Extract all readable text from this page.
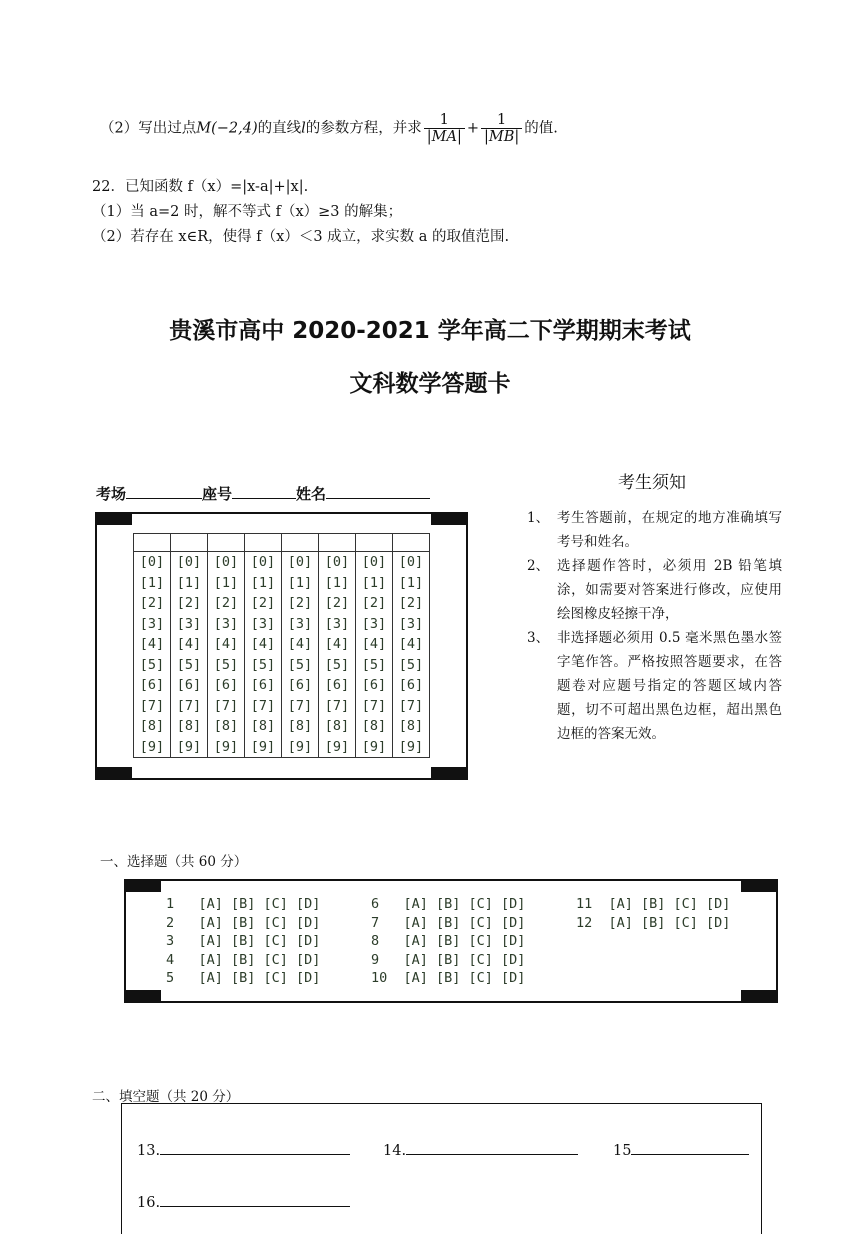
（2）写出过点M(−2,4)的直线l的参数方程，并求 $\frac{1}{|MA|} + \frac{1}{|MB|}$ 的值.
22．已知函数 f（x）=|x-a|+|x|.
（1）当 a=2 时，解不等式 f（x）≥3 的解集；
（2）若存在 x∈R，使得 f（x）＜3 成立，求实数 a 的取值范围.
贵溪市高中 2020-2021 学年高二下学期期末考试
文科数学答题卡
考场	座号	姓名

[0]	[0]	[0]	[0]	[0]	[0]	[0]	[0]
[1]	[1]	[1]	[1]	[1]	[1]	[1]	[1]
[2]	[2]	[2]	[2]	[2]	[2]	[2]	[2]
[3]	[3]	[3]	[3]	[3]	[3]	[3]	[3]
[4]	[4]	[4]	[4]	[4]	[4]	[4]	[4]
[5]	[5]	[5]	[5]	[5]	[5]	[5]	[5]
[6]	[6]	[6]	[6]	[6]	[6]	[6]	[6]
[7]	[7]	[7]	[7]	[7]	[7]	[7]	[7]
[8]	[8]	[8]	[8]	[8]	[8]	[8]	[8]
[9]	[9]	[9]	[9]	[9]	[9]	[9]	[9]
考生须知
1、 考生答题前，在规定的地方准确填写考号和姓名。
2、 选择题作答时，必须用 2B 铅笔填涂，如需要对答案进行修改，应使用绘图橡皮轻擦干净，
3、 非选择题必须用 0.5 毫米黑色墨水签字笔作答。严格按照答题要求，在答题卷对应题号指定的答题区域内答题，切不可超出黑色边框，超出黑色边框的答案无效。
一、选择题（共 60 分）
1   [A] [B] [C] [D]
2   [A] [B] [C] [D]
3   [A] [B] [C] [D]
4   [A] [B] [C] [D]
5   [A] [B] [C] [D]
6   [A] [B] [C] [D]
7   [A] [B] [C] [D]
8   [A] [B] [C] [D]
9   [A] [B] [C] [D]
10  [A] [B] [C] [D]
11  [A] [B] [C] [D]
12  [A] [B] [C] [D]
二、填空题（共 20 分）
13.	14.	15
16.
